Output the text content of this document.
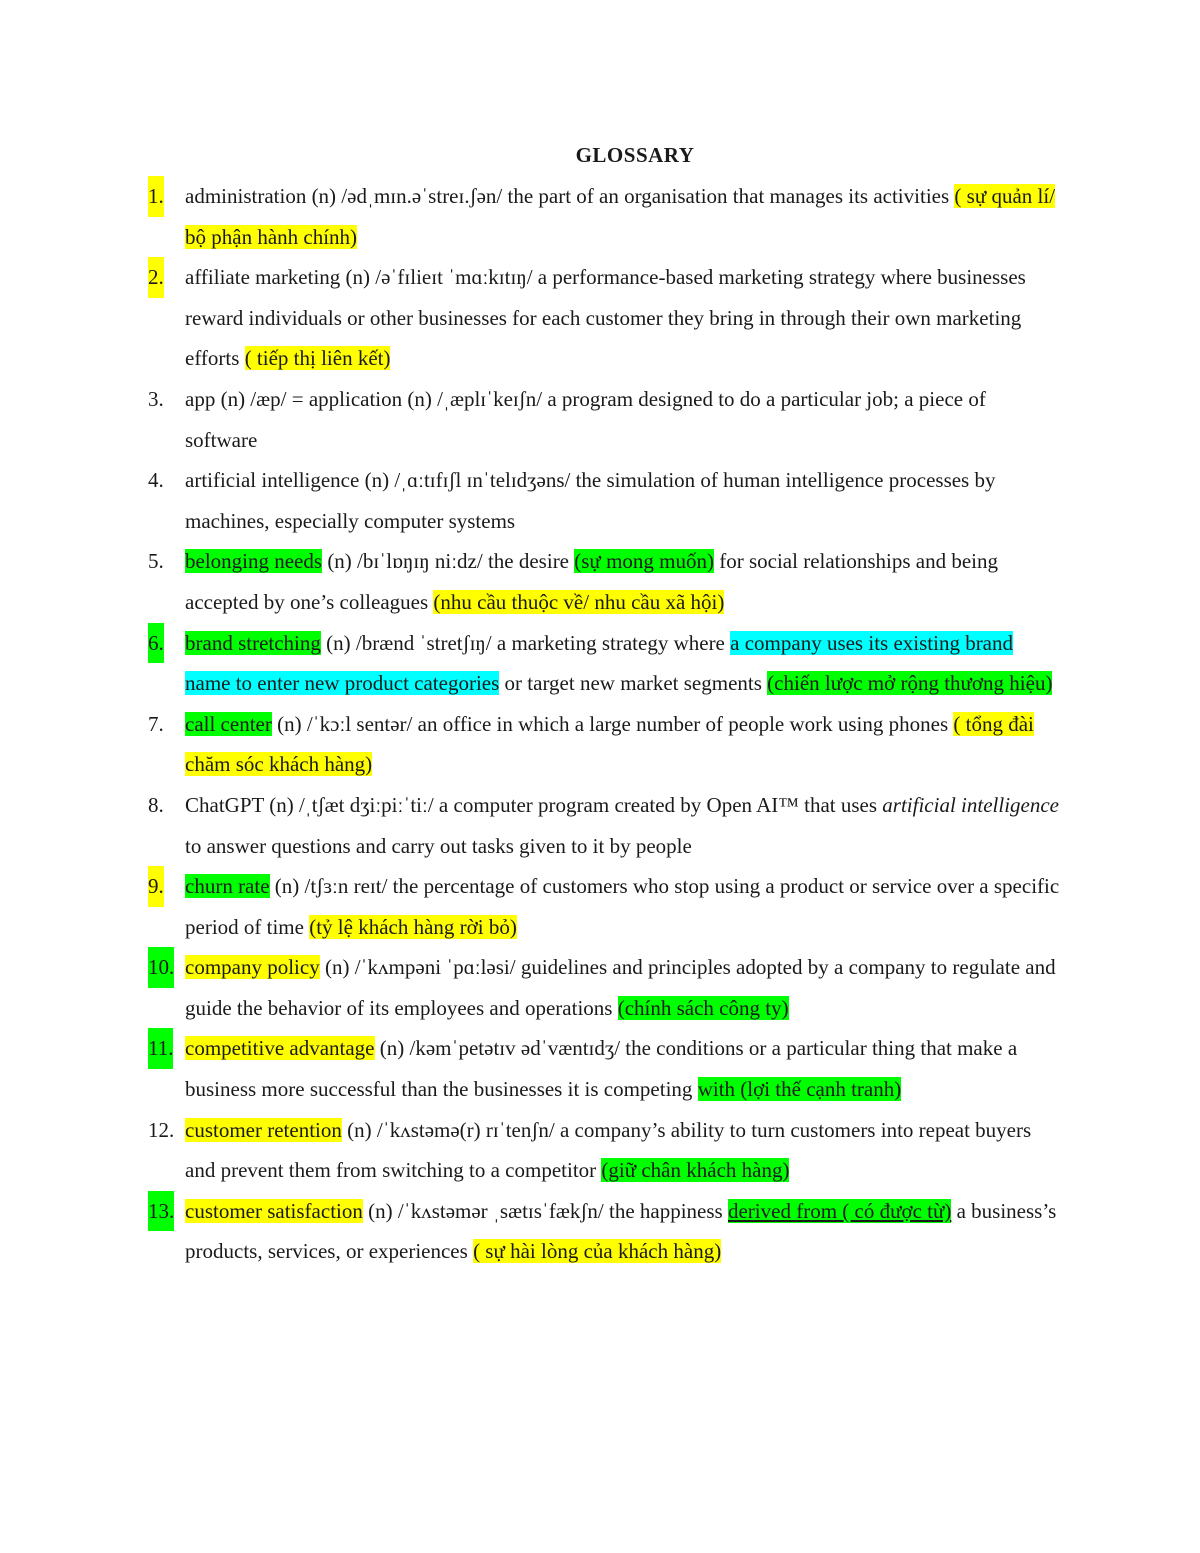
GLOSSARY
1. administration (n) /ədˌmɪn.əˈstreɪ.ʃən/ the part of an organisation that manages its activities ( sự quản lí/ bộ phận hành chính)
2. affiliate marketing (n) /əˈfɪlieɪt ˈmɑːkɪtɪŋ/ a performance-based marketing strategy where businesses reward individuals or other businesses for each customer they bring in through their own marketing efforts ( tiếp thị liên kết)
3. app (n) /æp/ = application (n) /ˌæplɪˈkeɪʃn/ a program designed to do a particular job; a piece of software
4. artificial intelligence (n) /ˌɑːtɪfɪʃl ɪnˈtelɪdʒəns/ the simulation of human intelligence processes by machines, especially computer systems
5. belonging needs (n) /bɪˈlɒŋɪŋ niːdz/ the desire (sự mong muốn) for social relationships and being accepted by one’s colleagues (nhu cầu thuộc về/ nhu cầu xã hội)
6. brand stretching (n) /brænd ˈstretʃɪŋ/ a marketing strategy where a company uses its existing brand name to enter new product categories or target new market segments (chiến lược mở rộng thương hiệu)
7. call center (n) /ˈkɔːl sentər/ an office in which a large number of people work using phones ( tổng đài chăm sóc khách hàng)
8. ChatGPT (n) /ˌtʃæt dʒiːpiːˈtiː/ a computer program created by Open AI™ that uses artificial intelligence to answer questions and carry out tasks given to it by people
9. churn rate (n) /tʃɜːn reɪt/ the percentage of customers who stop using a product or service over a specific period of time (tỷ lệ khách hàng rời bỏ)
10. company policy (n) /ˈkʌmpəni ˈpɑːləsi/ guidelines and principles adopted by a company to regulate and guide the behavior of its employees and operations (chính sách công ty)
11. competitive advantage (n) /kəmˈpetətɪv ədˈvæntɪdʒ/ the conditions or a particular thing that make a business more successful than the businesses it is competing with (lợi thế cạnh tranh)
12. customer retention (n) /ˈkʌstəmə(r) rɪˈtenʃn/ a company’s ability to turn customers into repeat buyers and prevent them from switching to a competitor (giữ chân khách hàng)
13. customer satisfaction (n) /ˈkʌstəmər ˌsætɪsˈfækʃn/ the happiness derived from ( có được từ) a business’s products, services, or experiences ( sự hài lòng của khách hàng)
